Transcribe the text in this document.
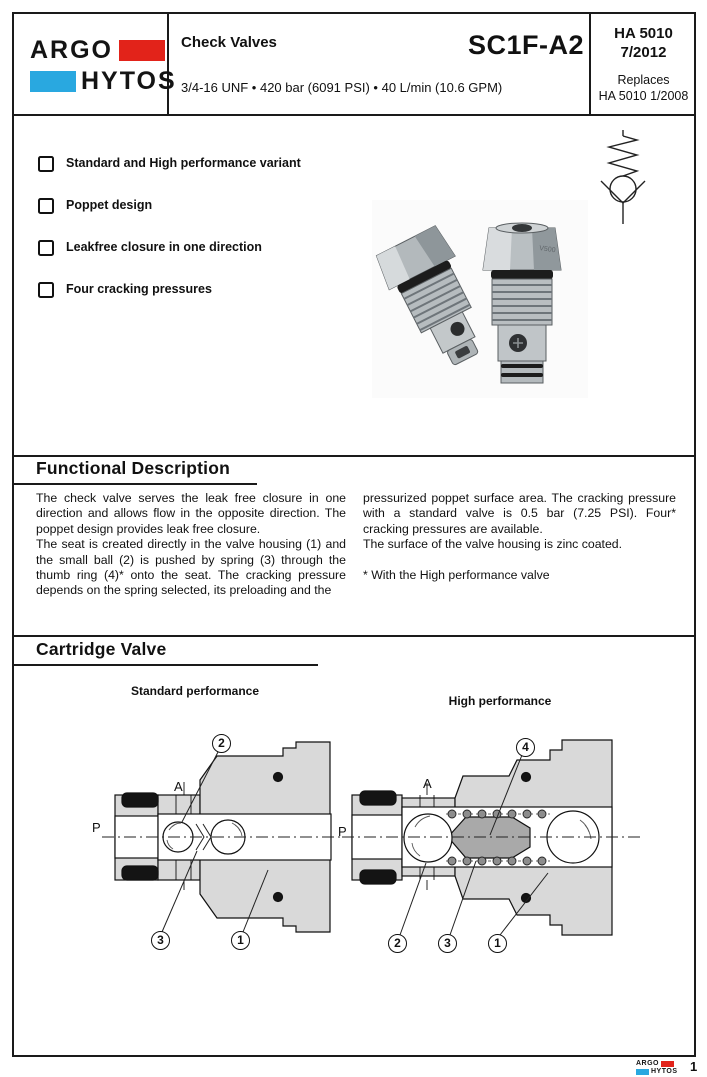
ARGO
HYTOS
Check Valves	SC1F-A2
3/4-16 UNF • 420 bar (6091 PSI) • 40 L/min (10.6 GPM)
HA 5010
7/2012
Replaces
HA 5010 1/2008
Standard and High performance variant
Poppet design
Leakfree closure in one direction
Four cracking pressures
V500
Functional Description

The check valve serves the leak free closure in one direction and allows flow in the opposite direction. The poppet design provides leak free closure.

The seat is created directly in the valve housing (1) and the small ball (2) is pushed by spring (3) through the thumb ring (4)* onto the seat. The cracking pressure depends on the spring selected, its preloading and the

pressurized poppet surface area. The cracking pressure with a standard valve is 0.5 bar (7.25 PSI). Four* cracking pressures are available.

The surface of the valve housing is zinc coated.

* With the High performance valve

Cartridge Valve
Standard performance
High performance
P
A
P
A
2
3	1
4
2	3	1
ARGO
HYTOS 1
